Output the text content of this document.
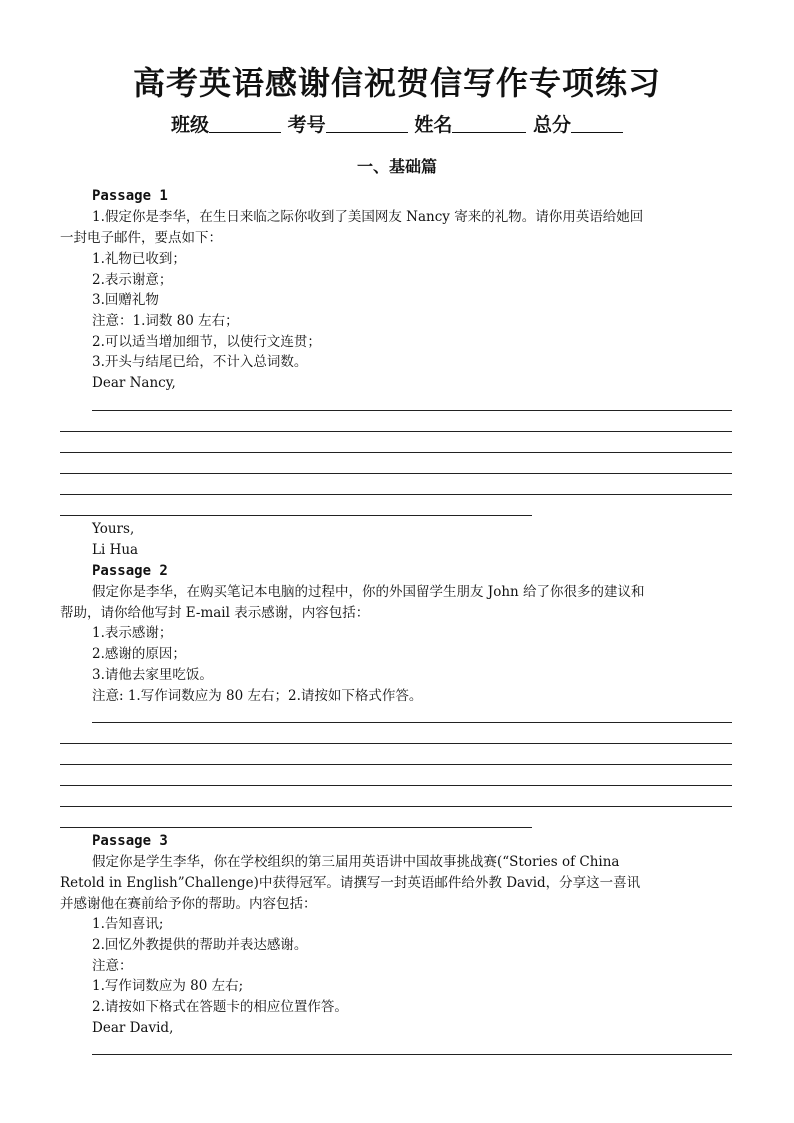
高考英语感谢信祝贺信写作专项练习
班级	考号	姓名	总分
一、基础篇
Passage 1
1.假定你是李华，在生日来临之际你收到了美国网友 Nancy 寄来的礼物。请你用英语给她回
一封电子邮件，要点如下：
1.礼物已收到；
2.表示谢意；
3.回赠礼物
注意：1.词数 80 左右；
2.可以适当增加细节，以使行文连贯；
3.开头与结尾已给，不计入总词数。
Dear Nancy,
Yours,
Li Hua
Passage 2
假定你是李华，在购买笔记本电脑的过程中，你的外国留学生朋友 John 给了你很多的建议和
帮助，请你给他写封 E-mail 表示感谢，内容包括：
1.表示感谢；
2.感谢的原因；
3.请他去家里吃饭。
注意: 1.写作词数应为 80 左右；2.请按如下格式作答。
Passage 3
假定你是学生李华，你在学校组织的第三届用英语讲中国故事挑战赛(“Stories of China
Retold in English”Challenge)中获得冠军。请撰写一封英语邮件给外教 David，分享这一喜讯
并感谢他在赛前给予你的帮助。内容包括：
1.告知喜讯;
2.回忆外教提供的帮助并表达感谢。
注意：
1.写作词数应为 80 左右;
2.请按如下格式在答题卡的相应位置作答。
Dear David,
